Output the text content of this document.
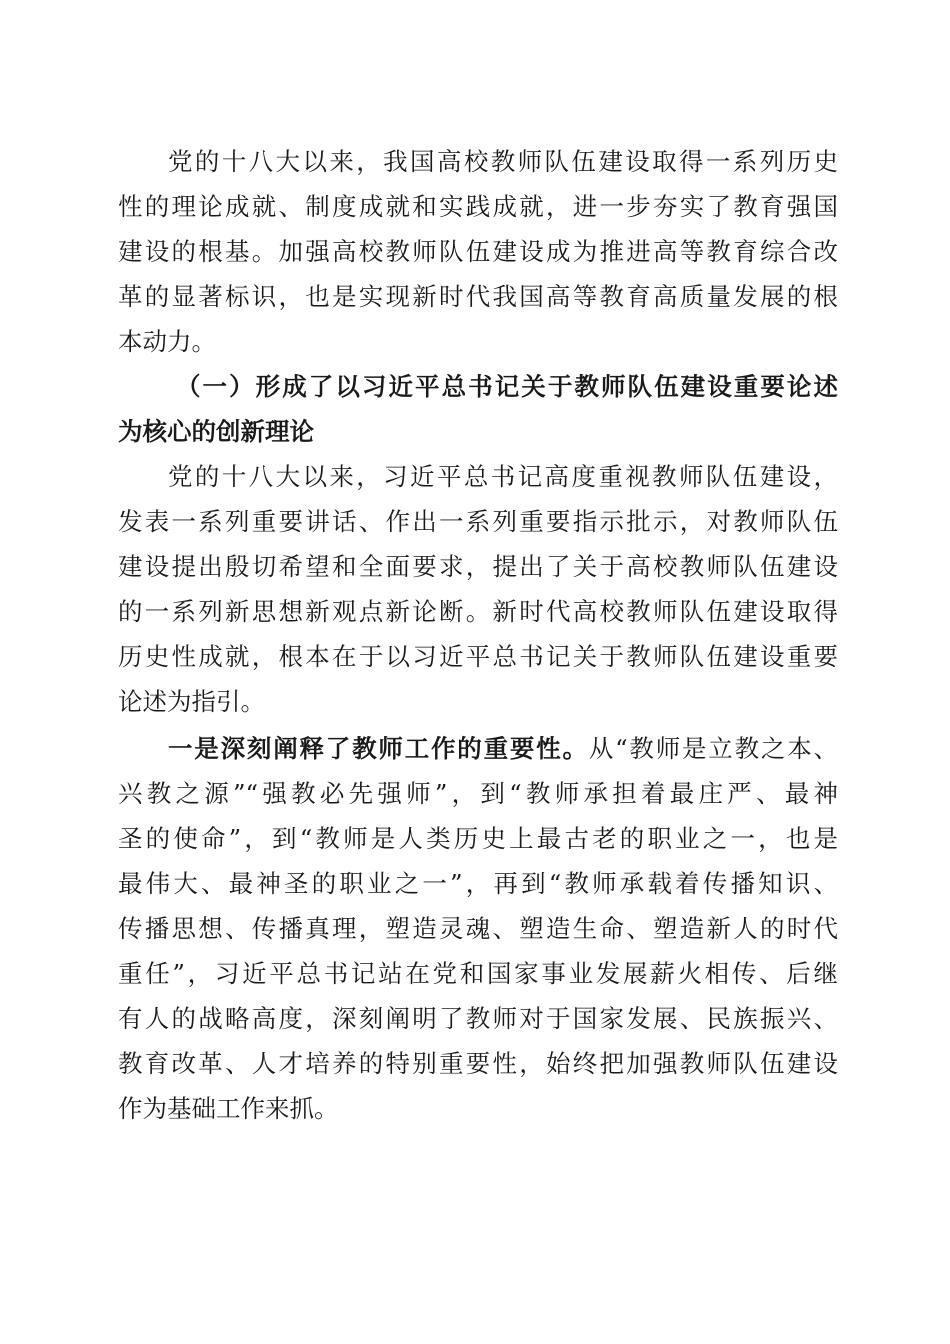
党的十八大以来，我国高校教师队伍建设取得一系列历史
性的理论成就、制度成就和实践成就，进一步夯实了教育强国
建设的根基。加强高校教师队伍建设成为推进高等教育综合改
革的显著标识，也是实现新时代我国高等教育高质量发展的根
本动力。
（一）形成了以习近平总书记关于教师队伍建设重要论述
为核心的创新理论
党的十八大以来，习近平总书记高度重视教师队伍建设，
发表一系列重要讲话、作出一系列重要指示批示，对教师队伍
建设提出殷切希望和全面要求，提出了关于高校教师队伍建设
的一系列新思想新观点新论断。新时代高校教师队伍建设取得
历史性成就，根本在于以习近平总书记关于教师队伍建设重要
论述为指引。
一是深刻阐释了教师工作的重要性。从“教师是立教之本、
兴教之源”“强教必先强师”，到“教师承担着最庄严、最神
圣的使命”，到“教师是人类历史上最古老的职业之一，也是
最伟大、最神圣的职业之一”，再到“教师承载着传播知识、
传播思想、传播真理，塑造灵魂、塑造生命、塑造新人的时代
重任”，习近平总书记站在党和国家事业发展薪火相传、后继
有人的战略高度，深刻阐明了教师对于国家发展、民族振兴、
教育改革、人才培养的特别重要性，始终把加强教师队伍建设
作为基础工作来抓。
